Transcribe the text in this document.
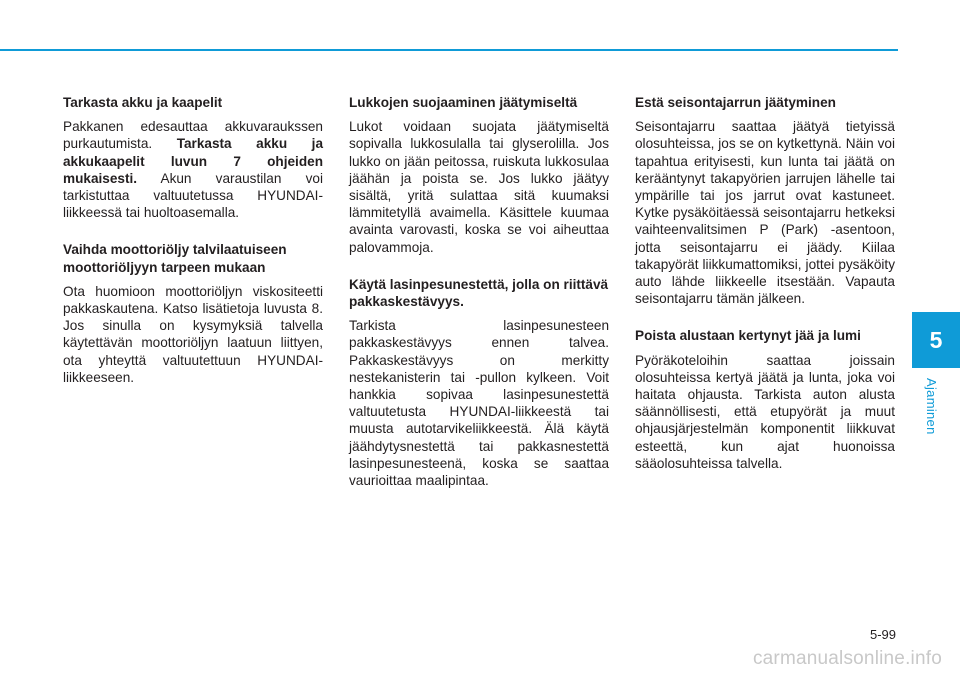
5
Ajaminen
Tarkasta akku ja kaapelit

Pakkanen edesauttaa akkuvaraukssen purkautumista. Tarkasta akku ja akkukaapelit luvun 7 ohjeiden mukaisesti. Akun varaustilan voi tarkistuttaa valtuutetussa HYUNDAI-liikkeessä tai huoltoasemalla.

Vaihda moottoriöljy talvilaatuiseen moottoriöljyyn tarpeen mukaan

Ota huomioon moottoriöljyn viskositeetti pakkaskautena. Katso lisätietoja luvusta 8. Jos sinulla on kysymyksiä talvella käytettävän moottoriöljyn laatuun liittyen, ota yhteyttä valtuutettuun HYUNDAI-liikkeeseen.

Lukkojen suojaaminen jäätymiseltä

Lukot voidaan suojata jäätymiseltä sopivalla lukkosulalla tai glyserolilla. Jos lukko on jään peitossa, ruiskuta lukkosulaa jäähän ja poista se. Jos lukko jäätyy sisältä, yritä sulattaa sitä kuumaksi lämmitetyllä avaimella. Käsittele kuumaa avainta varovasti, koska se voi aiheuttaa palovammoja.

Käytä lasinpesunestettä, jolla on riittävä pakkaskestävyys.

Tarkista lasinpesunesteen pakkaskestävyys ennen talvea. Pakkaskestävyys on merkitty nestekanisterin tai -pullon kylkeen. Voit hankkia sopivaa lasinpesunestettä valtuutetusta HYUNDAI-liikkeestä tai muusta autotarvikeliikkeestä. Älä käytä jäähdytysnestettä tai pakkasnestettä lasinpesunesteenä, koska se saattaa vaurioittaa maalipintaa.

Estä seisontajarrun jäätyminen

Seisontajarru saattaa jäätyä tietyissä olosuhteissa, jos se on kytkettynä. Näin voi tapahtua erityisesti, kun lunta tai jäätä on kerääntynyt takapyörien jarrujen lähelle tai ympärille tai jos jarrut ovat kastuneet. Kytke pysäköitäessä seisontajarru hetkeksi vaihteenvalitsimen P (Park) -asentoon, jotta seisontajarru ei jäädy. Kiilaa takapyörät liikkumattomiksi, jottei pysäköity auto lähde liikkeelle itsestään. Vapauta seisontajarru tämän jälkeen.

Poista alustaan kertynyt jää ja lumi

Pyöräkoteloihin saattaa joissain olosuhteissa kertyä jäätä ja lunta, joka voi haitata ohjausta. Tarkista auton alusta säännöllisesti, että etupyörät ja muut ohjausjärjestelmän komponentit liikkuvat esteettä, kun ajat huonoissa sääolosuhteissa talvella.

5-99
carmanualsonline.info
